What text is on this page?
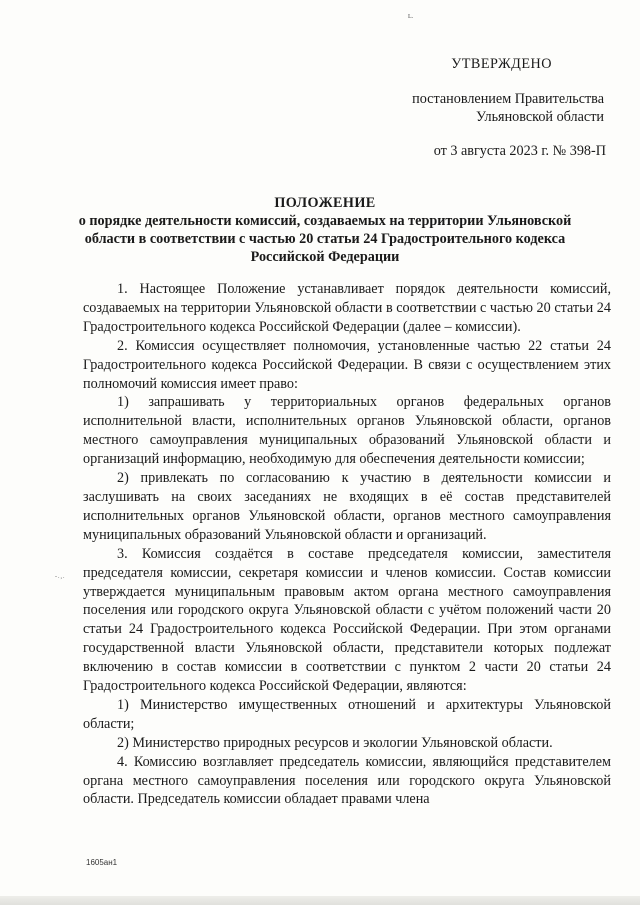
L.
УТВЕРЖДЕНО
постановлением Правительства
Ульяновской области
от 3 августа 2023 г. № 398-П
ПОЛОЖЕНИЕ
о порядке деятельности комиссий, создаваемых на территории Ульяновской области в соответствии с частью 20 статьи 24 Градостроительного кодекса Российской Федерации

1. Настоящее Положение устанавливает порядок деятельности комиссий, создаваемых на территории Ульяновской области в соответствии с частью 20 статьи 24 Градостроительного кодекса Российской Федерации (далее – комиссии).

2. Комиссия осуществляет полномочия, установленные частью 22 статьи 24 Градостроительного кодекса Российской Федерации. В связи с осуществлением этих полномочий комиссия имеет право:

1) запрашивать у территориальных органов федеральных органов исполнительной власти, исполнительных органов Ульяновской области, органов местного самоуправления муниципальных образований Ульяновской области и организаций информацию, необходимую для обеспечения деятельности комиссии;

2) привлекать по согласованию к участию в деятельности комиссии и заслушивать на своих заседаниях не входящих в её состав представителей исполнительных органов Ульяновской области, органов местного самоуправления муниципальных образований Ульяновской области и организаций.

3. Комиссия создаётся в составе председателя комиссии, заместителя председателя комиссии, секретаря комиссии и членов комиссии. Состав комиссии утверждается муниципальным правовым актом органа местного самоуправления поселения или городского округа Ульяновской области с учётом положений части 20 статьи 24 Градостроительного кодекса Российской Федерации. При этом органами государственной власти Ульяновской области, представители которых подлежат включению в состав комиссии в соответствии с пунктом 2 части 20 статьи 24 Градостроительного кодекса Российской Федерации, являются:

1) Министерство имущественных отношений и архитектуры Ульяновской области;

2) Министерство природных ресурсов и экологии Ульяновской области.

4. Комиссию возглавляет председатель комиссии, являющийся представителем органа местного самоуправления поселения или городского округа Ульяновской области. Председатель комиссии обладает правами члена

-.,.
1605ан1
